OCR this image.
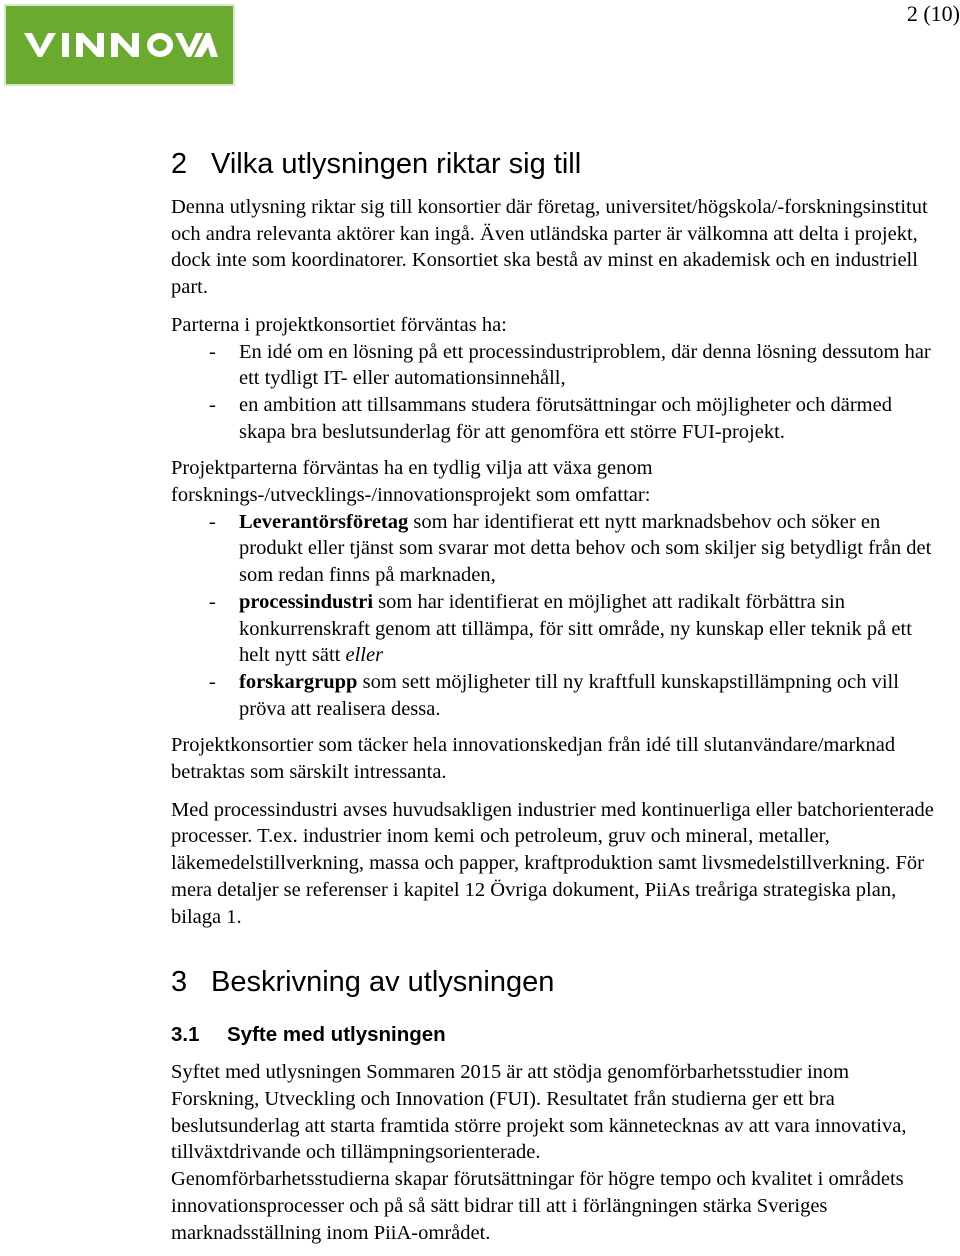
2 (10)
2 Vilka utlysningen riktar sig till

Denna utlysning riktar sig till konsortier där företag, universitet/högskola/-forskningsinstitut och andra relevanta aktörer kan ingå. Även utländska parter är välkomna att delta i projekt, dock inte som koordinatorer. Konsortiet ska bestå av minst en akademisk och en industriell part.

Parterna i projektkonsortiet förväntas ha:

- En idé om en lösning på ett processindustriproblem, där denna lösning dessutom har ett tydligt IT- eller automationsinnehåll,
- en ambition att tillsammans studera förutsättningar och möjligheter och därmed skapa bra beslutsunderlag för att genomföra ett större FUI-projekt.

Projektparterna förväntas ha en tydlig vilja att växa genom forsknings-/utvecklings-/innovationsprojekt som omfattar:

- Leverantörsföretag som har identifierat ett nytt marknadsbehov och söker en produkt eller tjänst som svarar mot detta behov och som skiljer sig betydligt från det som redan finns på marknaden,
- processindustri som har identifierat en möjlighet att radikalt förbättra sin konkurrenskraft genom att tillämpa, för sitt område, ny kunskap eller teknik på ett helt nytt sätt eller
- forskargrupp som sett möjligheter till ny kraftfull kunskapstillämpning och vill pröva att realisera dessa.

Projektkonsortier som täcker hela innovationskedjan från idé till slutanvändare/marknad betraktas som särskilt intressanta.

Med processindustri avses huvudsakligen industrier med kontinuerliga eller batchorienterade processer. T.ex. industrier inom kemi och petroleum, gruv och mineral, metaller, läkemedelstillverkning, massa och papper, kraftproduktion samt livsmedelstillverkning. För mera detaljer se referenser i kapitel 12 Övriga dokument, PiiAs treåriga strategiska plan, bilaga 1.

3 Beskrivning av utlysningen
3.1 Syfte med utlysningen

Syftet med utlysningen Sommaren 2015 är att stödja genomförbarhetsstudier inom Forskning, Utveckling och Innovation (FUI). Resultatet från studierna ger ett bra beslutsunderlag att starta framtida större projekt som kännetecknas av att vara innovativa, tillväxtdrivande och tillämpningsorienterade.

Genomförbarhetsstudierna skapar förutsättningar för högre tempo och kvalitet i områdets innovationsprocesser och på så sätt bidrar till att i förlängningen stärka Sveriges marknadsställning inom PiiA-området.
